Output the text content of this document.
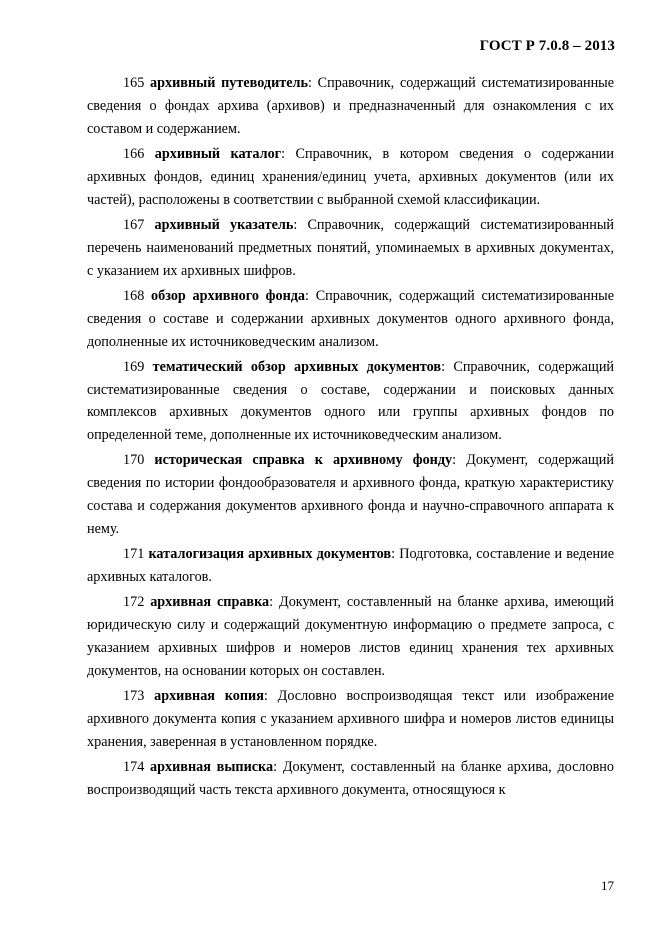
ГОСТ Р 7.0.8 – 2013

165 архивный путеводитель: Справочник, содержащий систематизированные сведения о фондах архива (архивов) и предназначенный для ознакомления с их составом и содержанием.

166 архивный каталог: Справочник, в котором сведения о содержании архивных фондов, единиц хранения/единиц учета, архивных документов (или их частей), расположены в соответствии с выбранной схемой классификации.

167 архивный указатель: Справочник, содержащий систематизированный перечень наименований предметных понятий, упоминаемых в архивных документах, с указанием их архивных шифров.

168 обзор архивного фонда: Справочник, содержащий систематизированные сведения о составе и содержании архивных документов одного архивного фонда, дополненные их источниковедческим анализом.

169 тематический обзор архивных документов: Справочник, содержащий систематизированные сведения о составе, содержании и поисковых данных комплексов архивных документов одного или группы архивных фондов по определенной теме, дополненные их источниковедческим анализом.

170 историческая справка к архивному фонду: Документ, содержащий сведения по истории фондообразователя и архивного фонда, краткую характеристику состава и содержания документов архивного фонда и научно-справочного аппарата к нему.

171 каталогизация архивных документов: Подготовка, составление и ведение архивных каталогов.

172 архивная справка: Документ, составленный на бланке архива, имеющий юридическую силу и содержащий документную информацию о предмете запроса, с указанием архивных шифров и номеров листов единиц хранения тех архивных документов, на основании которых он составлен.

173 архивная копия: Дословно воспроизводящая текст или изображение архивного документа копия с указанием архивного шифра и номеров листов единицы хранения, заверенная в установленном порядке.

174 архивная выписка: Документ, составленный на бланке архива, дословно воспроизводящий часть текста архивного документа, относящуюся к

17
